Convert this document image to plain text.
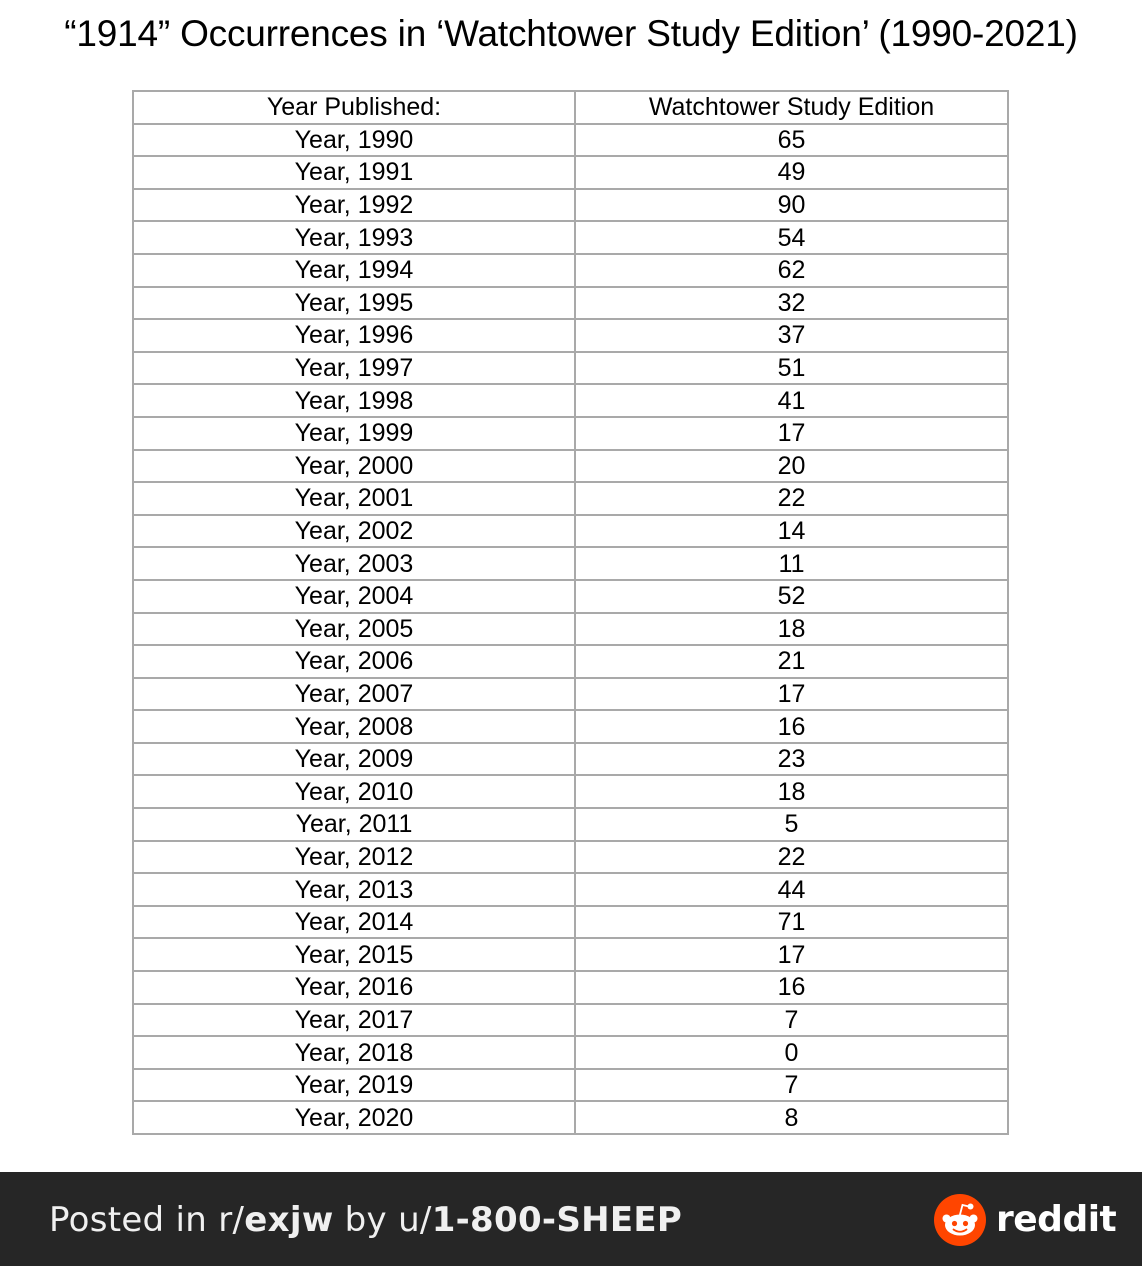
“1914” Occurrences in ‘Watchtower Study Edition’ (1990-2021)
Year Published:	Watchtower Study Edition
Year, 1990	65
Year, 1991	49
Year, 1992	90
Year, 1993	54
Year, 1994	62
Year, 1995	32
Year, 1996	37
Year, 1997	51
Year, 1998	41
Year, 1999	17
Year, 2000	20
Year, 2001	22
Year, 2002	14
Year, 2003	11
Year, 2004	52
Year, 2005	18
Year, 2006	21
Year, 2007	17
Year, 2008	16
Year, 2009	23
Year, 2010	18
Year, 2011	5
Year, 2012	22
Year, 2013	44
Year, 2014	71
Year, 2015	17
Year, 2016	16
Year, 2017	7
Year, 2018	0
Year, 2019	7
Year, 2020	8
Posted in r/exjw by u/1-800-SHEEP	reddit
